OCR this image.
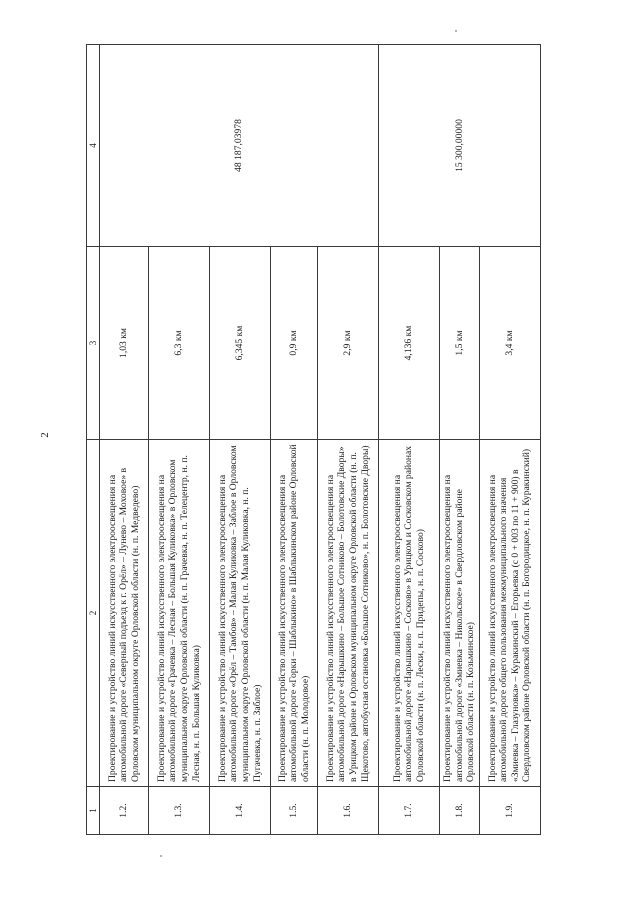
2
1	2	3	4
1.2.	Проектирование и устройство линий искусственного электроосвещения на автомобильной дороге «Северный подъезд к г. Орёл» – Лунево – Моховое» в Орловском муниципальном округе Орловской области (н. п. Медведево)	1,03 км	48 187,03978
1.3.	Проектирование и устройство линий искусственного электроосвещения на автомобильной дороге «Грачевка – Лесная – Большая Куликовка» в Орловском муниципальном округе Орловской области (н. п. Грачевка, н. п. Телецентр, н. п. Лесная, н. п. Большая Куликовка)	6,3 км	
1.4.	Проектирование и устройство линий искусственного электроосвещения на автомобильной дороге «Орёл – Тамбов» – Малая Куликовка – Заблое в Орловском муниципальном округе Орловской области (н. п. Малая Куликовка, н. п. Пугачевка, н. п. Заблое)	6,345 км	
1.5.	Проектирование и устройство линий искусственного электроосвещения на автомобильной дороге «Горки – Шаблыкино» в Шаблыкинском районе Орловской области (н. п. Молодовое)	0,9 км	
1.6.	Проектирование и устройство линий искусственного электроосвещения на автомобильной дороге «Нарышкино – Большое Сотниково – Болотовские Дворы» в Урицком районе и Орловском муниципальном округе Орловской области (н. п. Щекотово, автобусная остановка «Большое Сотниково», н. п. Болотовские Дворы)	2,9 км	
1.7.	Проектирование и устройство линий искусственного электроосвещения на автомобильной дороге «Нарышкино – Сосково» в Урицком и Сосковском районах Орловской области (н. п. Лески, н. п. Придепы, н. п. Сосково)	4,136 км	15 300,00000
1.8.	Проектирование и устройство линий искусственного электроосвещения на автомобильной дороге «Змиевка – Никольское» в Свердловском районе Орловской области (н. п. Козьминское)	1,5 км	
1.9.	Проектирование и устройство линий искусственного электроосвещения на автомобильной дороге общего пользования межмуниципального значения «Змиевка – Глазуновка» – Куракинский – Егорьевка (с 0 + 003 по 11 + 900) в Свердловском районе Орловской области (н. п. Богородицкое, н. п. Куракинский)	3,4 км	
